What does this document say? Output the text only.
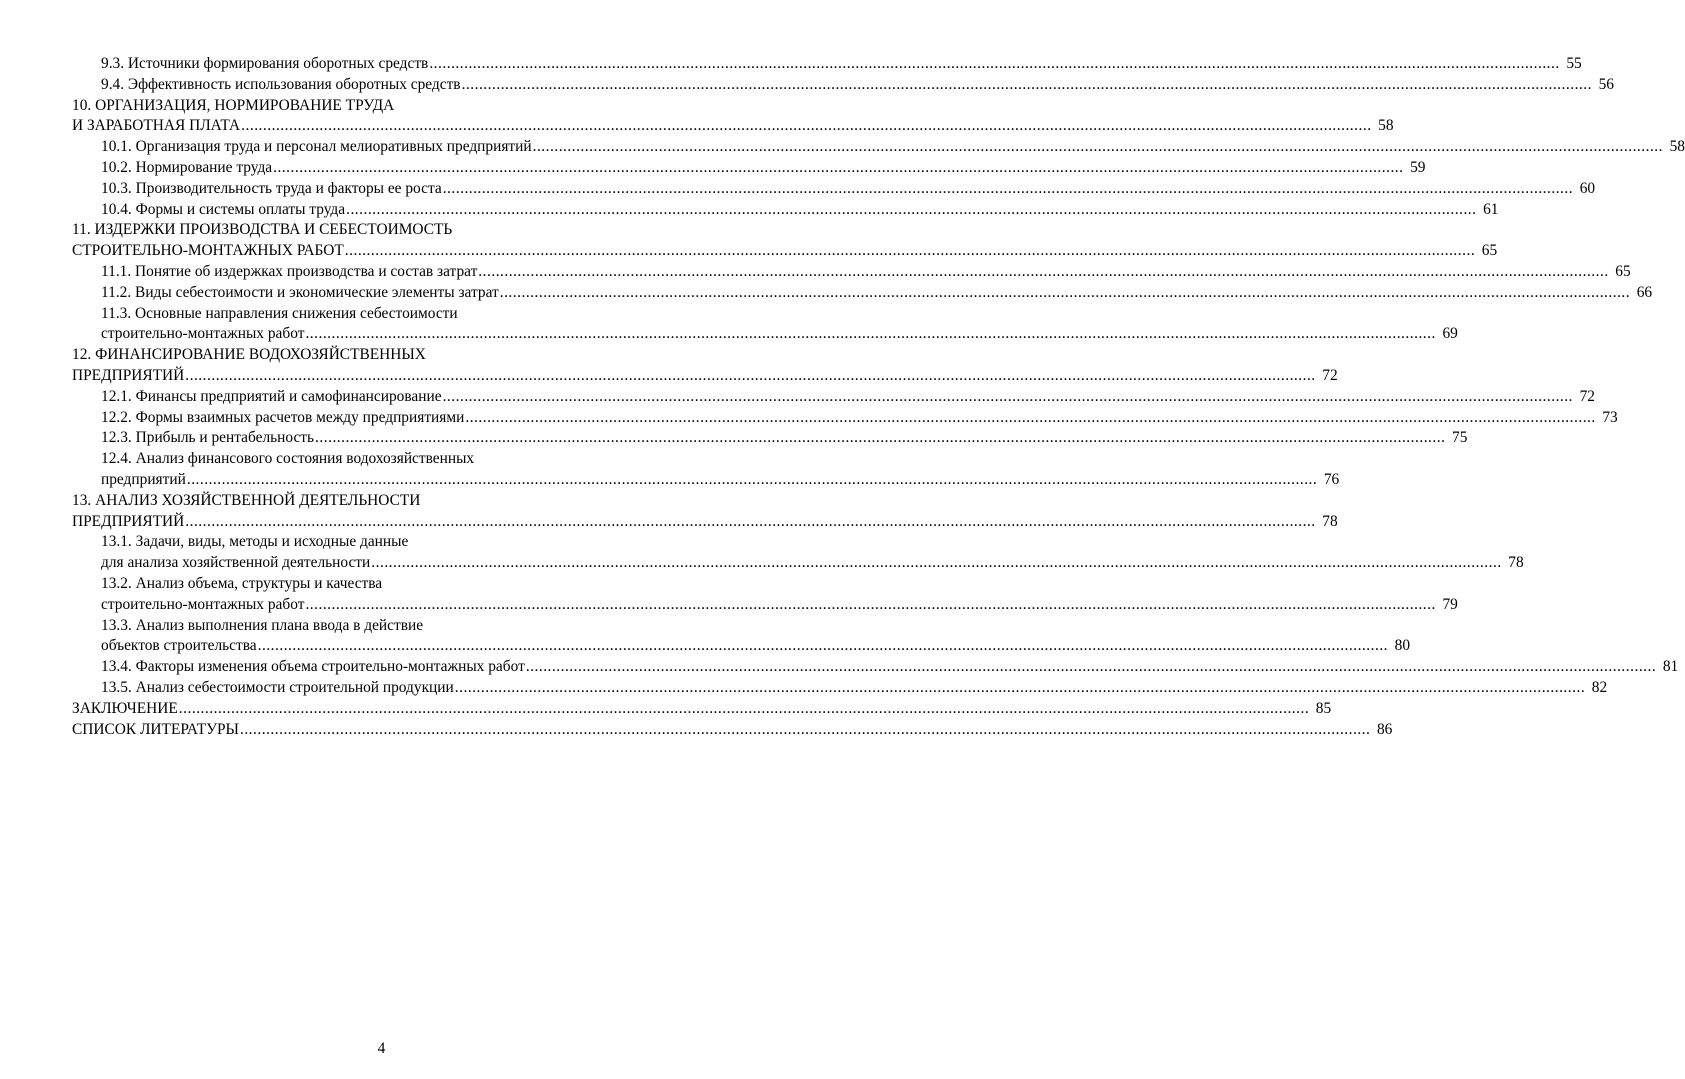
9.3. Источники формирования оборотных средств .....	55
9.4. Эффективность использования оборотных средств .....	56
10. ОРГАНИЗАЦИЯ, НОРМИРОВАНИЕ ТРУДА
И ЗАРАБОТНАЯ ПЛАТА .....	58
10.1. Организация труда и персонал мелиоративных предприятий .....	58
10.2. Нормирование труда .....	59
10.3. Производительность труда и факторы ее роста .....	60
10.4. Формы и системы оплаты труда .....	61
11. ИЗДЕРЖКИ ПРОИЗВОДСТВА И СЕБЕСТОИМОСТЬ
СТРОИТЕЛЬНО-МОНТАЖНЫХ РАБОТ .....	65
11.1. Понятие об издержках производства и состав затрат .....	65
11.2. Виды себестоимости и экономические элементы затрат .....	66
11.3. Основные направления снижения себестоимости
строительно-монтажных работ .....	69
12. ФИНАНСИРОВАНИЕ ВОДОХОЗЯЙСТВЕННЫХ
ПРЕДПРИЯТИЙ .....	72
12.1. Финансы предприятий и самофинансирование .....	72
12.2. Формы взаимных расчетов между предприятиями .....	73
12.3. Прибыль и рентабельность .....	75
12.4. Анализ финансового состояния водохозяйственных
предприятий .....	76
13. АНАЛИЗ ХОЗЯЙСТВЕННОЙ ДЕЯТЕЛЬНОСТИ
ПРЕДПРИЯТИЙ .....	78
13.1. Задачи, виды, методы и исходные данные
для анализа хозяйственной деятельности .....	78
13.2. Анализ объема, структуры и качества
строительно-монтажных работ .....	79
13.3. Анализ выполнения плана ввода в действие
объектов строительства .....	80
13.4. Факторы изменения объема строительно-монтажных работ .....	81
13.5. Анализ себестоимости строительной продукции .....	82
ЗАКЛЮЧЕНИЕ .....	85
СПИСОК ЛИТЕРАТУРЫ .....	86
4
